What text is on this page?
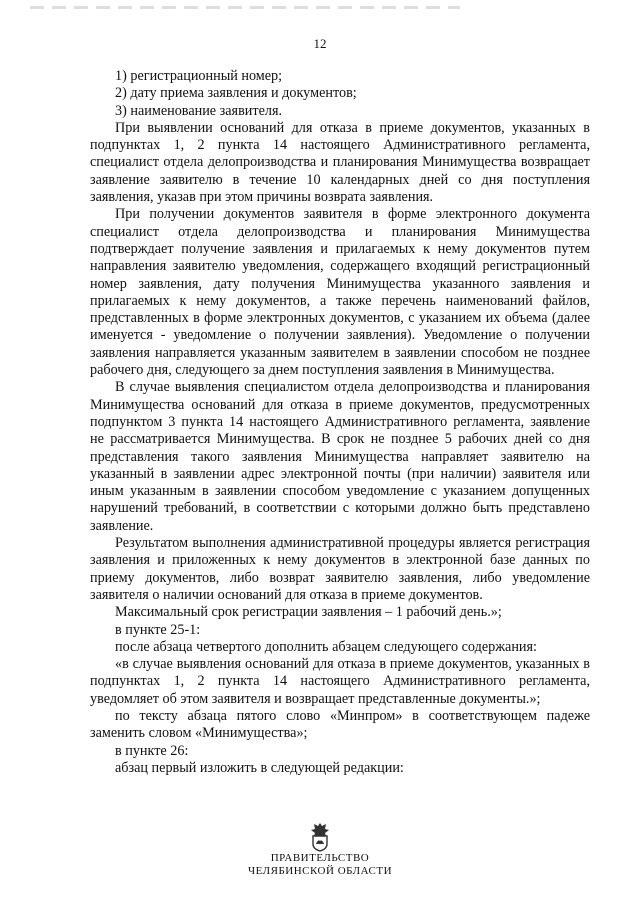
12

1) регистрационный номер;

2) дату приема заявления и документов;

3) наименование заявителя.

При выявлении оснований для отказа в приеме документов, указанных в подпунктах 1, 2 пункта 14 настоящего Административного регламента, специалист отдела делопроизводства и планирования Минимущества возвращает заявление заявителю в течение 10 календарных дней со дня поступления заявления, указав при этом причины возврата заявления.

При получении документов заявителя в форме электронного документа специалист отдела делопроизводства и планирования Минимущества подтверждает получение заявления и прилагаемых к нему документов путем направления заявителю уведомления, содержащего входящий регистрационный номер заявления, дату получения Минимущества указанного заявления и прилагаемых к нему документов, а также перечень наименований файлов, представленных в форме электронных документов, с указанием их объема (далее именуется - уведомление о получении заявления). Уведомление о получении заявления направляется указанным заявителем в заявлении способом не позднее рабочего дня, следующего за днем поступления заявления в Минимущества.

В случае выявления специалистом отдела делопроизводства и планирования Минимущества оснований для отказа в приеме документов, предусмотренных подпунктом 3 пункта 14 настоящего Административного регламента, заявление не рассматривается Минимущества. В срок не позднее 5 рабочих дней со дня представления такого заявления Минимущества направляет заявителю на указанный в заявлении адрес электронной почты (при наличии) заявителя или иным указанным в заявлении способом уведомление с указанием допущенных нарушений требований, в соответствии с которыми должно быть представлено заявление.

Результатом выполнения административной процедуры является регистрация заявления и приложенных к нему документов в электронной базе данных по приему документов, либо возврат заявителю заявления, либо уведомление заявителя о наличии оснований для отказа в приеме документов.

Максимальный срок регистрации заявления – 1 рабочий день.»;

в пункте 25-1:

после абзаца четвертого дополнить абзацем следующего содержания:

«в случае выявления оснований для отказа в приеме документов, указанных в подпунктах 1, 2 пункта 14 настоящего Административного регламента, уведомляет об этом заявителя и возвращает представленные документы.»;

по тексту абзаца пятого слово «Минпром» в соответствующем падеже заменить словом «Минимущества»;

в пункте 26:

абзац первый изложить в следующей редакции:

ПРАВИТЕЛЬСТВО
ЧЕЛЯБИНСКОЙ ОБЛАСТИ
